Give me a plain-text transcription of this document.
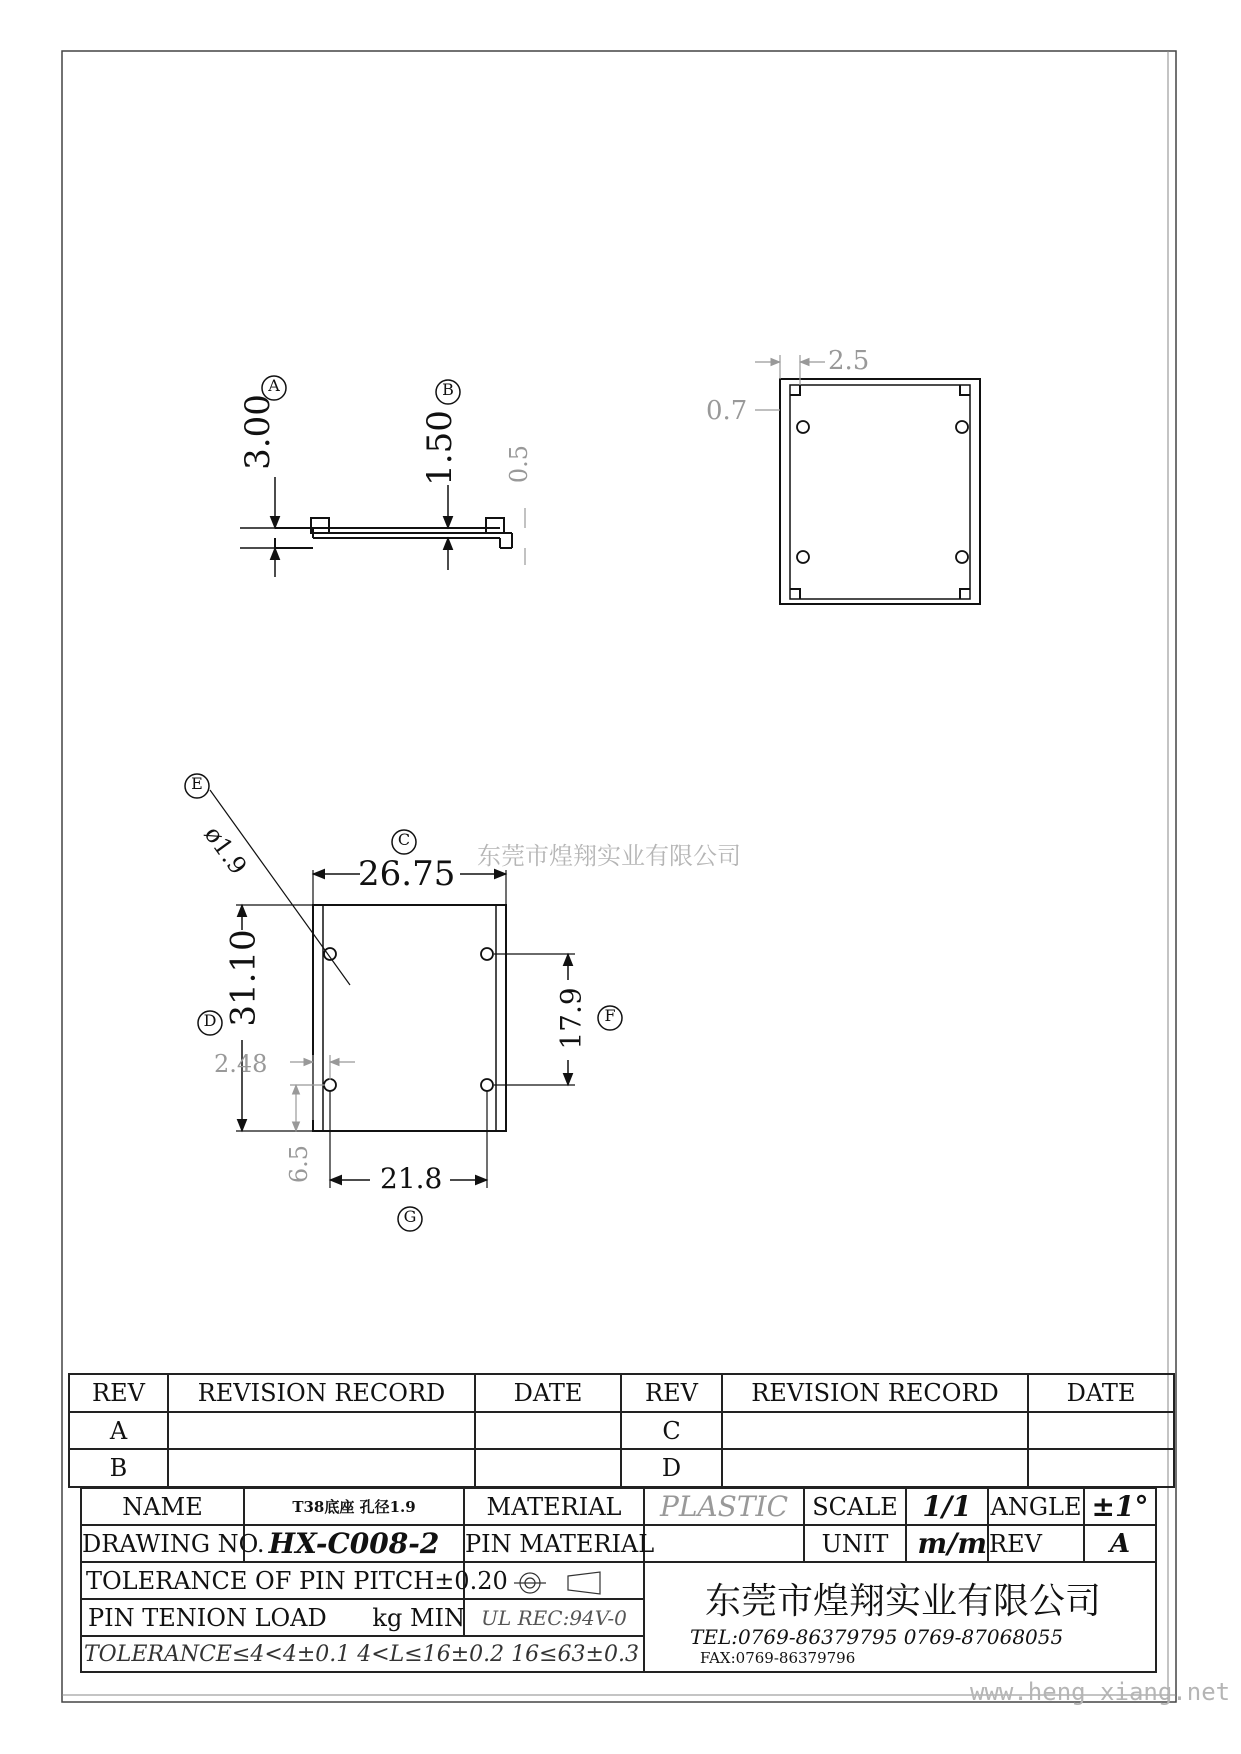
A	B
C
D
E
F
G
3.00	1.50 0.5
2.5
0.7
ø1.9	26.75
31.10	17.9
2.48
6.5 21.8
东莞市煌翔实业有限公司
www.heng xiang.net
REV	REVISION RECORD	DATE	REV	REVISION RECORD	DATE
A			C		
B			D		
NAME	T38底座 孔径1.9	MATERIAL	PLASTIC	SCALE	1/1	ANGLE	±1°
DRAWING NO.	HX-C008-2	PIN MATERIAL		UNIT	m/m	REV	A
TOLERANCE OF PIN PITCH±0.20			东莞市煌翔实业有限公司
TEL:0769-86379795 0769-87068055
FAX:0769-86379796				

PIN TENION LOAD kg MIN		UL REC:94V-0					
TOLERANCE≤4<4±0.1 4<L≤16±0.2 16≤63±0.3							
